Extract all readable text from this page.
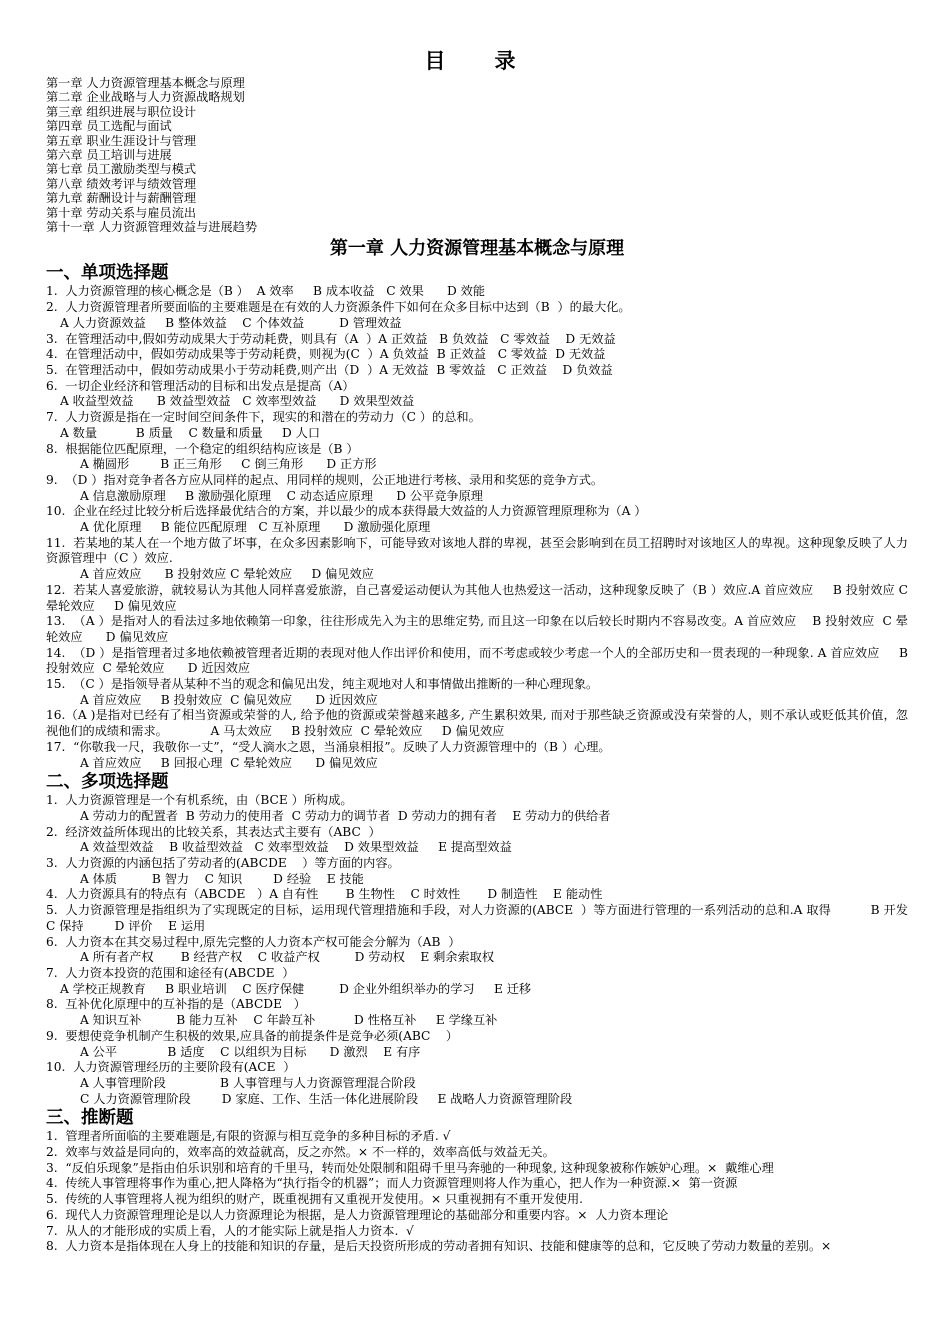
目　录
第一章 人力资源管理基本概念与原理
第二章 企业战略与人力资源战略规划
第三章 组织进展与职位设计
第四章 员工选配与面试
第五章 职业生涯设计与管理
第六章 员工培训与进展
第七章 员工激励类型与模式
第八章 绩效考评与绩效管理
第九章 薪酬设计与薪酬管理
第十章 劳动关系与雇员流出
第十一章 人力资源管理效益与进展趋势
第一章 人力资源管理基本概念与原理
一、单项选择题

1.  人力资源管理的核心概念是（B ）  A 效率     B 成本收益   C 效果      D 效能

2.  人力资源管理者所要面临的主要难题是在有效的人力资源条件下如何在众多目标中达到（B  ）的最大化。

A 人力资源效益     B 整体效益    C 个体效益         D 管理效益

3.  在管理活动中,假如劳动成果大于劳动耗费，则具有（A  ）A 正效益   B 负效益   C 零效益    D 无效益

4.  在管理活动中，假如劳动成果等于劳动耗费，则视为(C  ）A 负效益  B 正效益   C 零效益  D 无效益

5.  在管理活动中，假如劳动成果小于劳动耗费,则产出（D  ）A 无效益  B 零效益   C 正效益    D 负效益

6.  一切企业经济和管理活动的目标和出发点是提高（A）

A 收益型效益      B 效益型效益   C 效率型效益      D 效果型效益

7.  人力资源是指在一定时间空间条件下，现实的和潜在的劳动力（C ）的总和。

A 数量          B 质量    C 数量和质量     D 人口

8.  根据能位匹配原理，一个稳定的组织结构应该是（B ）

A 椭圆形        B 正三角形     C 倒三角形      D 正方形

9.  （D ）指对竞争者各方应从同样的起点、用同样的规则，公正地进行考核、录用和奖惩的竞争方式。

A 信息激励原理     B 激励强化原理    C 动态适应原理      D 公平竞争原理

10.  企业在经过比较分析后选择最优结合的方案，并以最少的成本获得最大效益的人力资源管理原理称为（A ）

A 优化原理     B 能位匹配原理   C 互补原理      D 激励强化原理

11.  若某地的某人在一个地方做了坏事，在众多因素影响下，可能导致对该地人群的卑视，甚至会影响到在员工招聘时对该地区人的卑视。这种现象反映了人力资源管理中（C ）效应.

A 首应效应      B 投射效应 C 晕轮效应     D 偏见效应

12.  若某人喜爱旅游，就较易认为其他人同样喜爱旅游，自己喜爱运动便认为其他人也热爱这一活动，这种现象反映了（B ）效应.A 首应效应     B 投射效应 C 晕轮效应     D 偏见效应

13.  （A ）是指对人的看法过多地依赖第一印象，往往形成先入为主的思维定势, 而且这一印象在以后较长时期内不容易改变。A 首应效应    B 投射效应  C 晕轮效应      D 偏见效应

14.  （D ）是指管理者过多地依赖被管理者近期的表现对他人作出评价和使用，而不考虑或较少考虑一个人的全部历史和一贯表现的一种现象. A 首应效应     B 投射效应  C 晕轮效应      D 近因效应

15.  （C ）是指领导者从某种不当的观念和偏见出发，纯主观地对人和事情做出推断的一种心理现象。

A 首应效应     B 投射效应  C 偏见效应      D 近因效应

16.（A )是指对已经有了相当资源或荣誉的人, 给予他的资源或荣誉越来越多, 产生累积效果, 而对于那些缺乏资源或没有荣誉的人，则不承认或贬低其价值，忽视他们的成绩和需求。           A 马太效应     B 投射效应  C 晕轮效应     D 偏见效应

17.  “你敬我一尺，我敬你一丈”，“受人滴水之恩，当涌泉相报”。反映了人力资源管理中的（B ）心理。

A 首应效应     B 回报心理  C 晕轮效应      D 偏见效应

二、多项选择题

1.  人力资源管理是一个有机系统，由（BCE ）所构成。

A 劳动力的配置者  B 劳动力的使用者  C 劳动力的调节者  D 劳动力的拥有者    E 劳动力的供给者

2.  经济效益所体现出的比较关系，其表达式主要有（ABC  ）

A 效益型效益    B 收益型效益   C 效率型效益    D 效果型效益     E 提高型效益

3.  人力资源的内涵包括了劳动者的(ABCDE    ）等方面的内容。

A 体质         B 智力    C 知识        D 经验    E 技能

4.  人力资源具有的特点有（ABCDE   ）A 自有性       B 生物性    C 时效性       D 制造性    E 能动性

5.  人力资源管理是指组织为了实现既定的目标，运用现代管理措施和手段，对人力资源的(ABCE  ）等方面进行管理的一系列活动的总和.A 取得          B 开发    C 保持        D 评价    E 运用

6.  人力资本在其交易过程中,原先完整的人力资本产权可能会分解为（AB  ）

A 所有者产权       B 经营产权    C 收益产权         D 劳动权    E 剩余索取权

7.  人力资本投资的范围和途径有(ABCDE  ）

A 学校正规教育     B 职业培训    C 医疗保健         D 企业外组织举办的学习     E 迁移

8.  互补优化原理中的互补指的是（ABCDE   ）

A 知识互补         B 能力互补    C 年龄互补          D 性格互补     E 学缘互补

9.  要想使竞争机制产生积极的效果,应具备的前提条件是竞争必须(ABC    ）

A 公平             B 适度    C 以组织为目标      D 激烈    E 有序

10.  人力资源管理经历的主要阶段有(ACE  ）

A 人事管理阶段              B 人事管理与人力资源管理混合阶段

C 人力资源管理阶段        D 家庭、工作、生活一体化进展阶段     E 战略人力资源管理阶段

三、推断题

1.  管理者所面临的主要难题是,有限的资源与相互竞争的多种目标的矛盾. √

2.  效率与效益是同向的，效率高的效益就高，反之亦然。× 不一样的，效率高低与效益无关。

3.  “反伯乐现象”是指由伯乐识别和培育的千里马，转而处处限制和阻碍千里马奔驰的一种现象, 这种现象被称作嫉妒心理。×  戴维心理

4.  传统人事管理将事作为重心,把人降格为“执行指令的机器”；而人力资源管理则将人作为重心，把人作为一种资源.×  第一资源

5.  传统的人事管理将人视为组织的财产，既重视拥有又重视开发使用。× 只重视拥有不重开发使用.

6.  现代人力资源管理理论是以人力资源理论为根据，是人力资源管理理论的基础部分和重要内容。×  人力资本理论

7.  从人的才能形成的实质上看，人的才能实际上就是指人力资本.  √

8.  人力资本是指体现在人身上的技能和知识的存量，是后天投资所形成的劳动者拥有知识、技能和健康等的总和，它反映了劳动力数量的差别。×
